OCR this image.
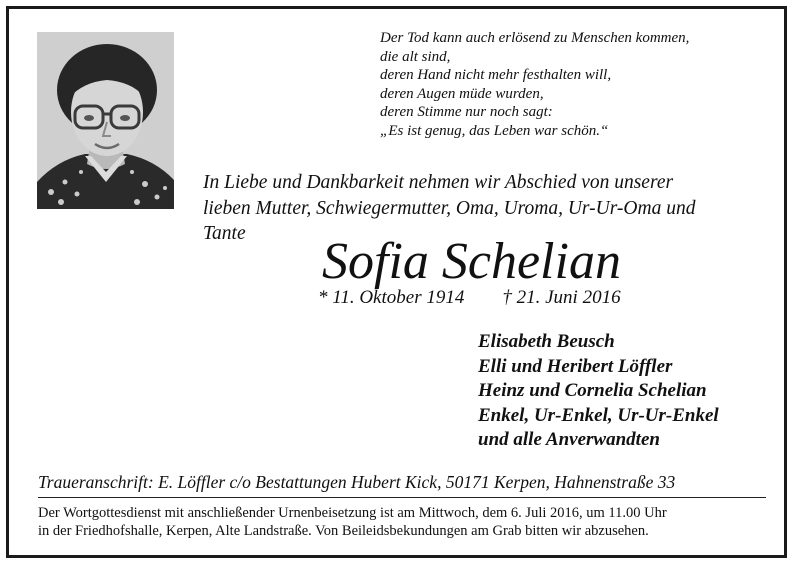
Der Tod kann auch erlösend zu Menschen kommen,
die alt sind,
deren Hand nicht mehr festhalten will,
deren Augen müde wurden,
deren Stimme nur noch sagt:
„Es ist genug, das Leben war schön.“
In Liebe und Dankbarkeit nehmen wir Abschied von unserer
lieben Mutter, Schwiegermutter, Oma, Uroma, Ur-Ur-Oma und
Tante	Sofia Schelian
* 11. Oktober 1914 † 21. Juni 2016
Elisabeth Beusch
Elli und Heribert Löffler
Heinz und Cornelia Schelian
Enkel, Ur-Enkel, Ur-Ur-Enkel
und alle Anverwandten
Traueranschrift: E. Löffler c/o Bestattungen Hubert Kick, 50171 Kerpen, Hahnenstraße 33
Der Wortgottesdienst mit anschließender Urnenbeisetzung ist am Mittwoch, dem 6. Juli 2016, um 11.00 Uhr
in der Friedhofshalle, Kerpen, Alte Landstraße. Von Beileidsbekundungen am Grab bitten wir abzusehen.
